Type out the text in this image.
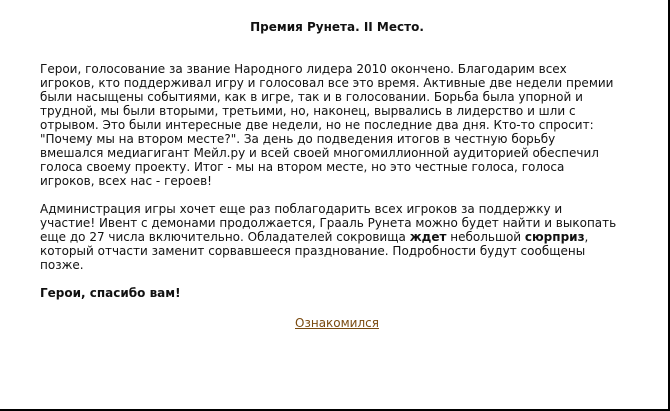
Премия Рунета. II Место.
Герои, голосование за звание Народного лидера 2010 окончено. Благодарим всех
игроков, кто поддерживал игру и голосовал все это время. Активные две недели премии
были насыщены событиями, как в игре, так и в голосовании. Борьба была упорной и
трудной, мы были вторыми, третьими, но, наконец, вырвались в лидерство и шли с
отрывом. Это были интересные две недели, но не последние два дня. Кто-то спросит:
"Почему мы на втором месте?". За день до подведения итогов в честную борьбу
вмешался медиагигант Мейл.ру и всей своей многомиллионной аудиторией обеспечил
голоса своему проекту. Итог - мы на втором месте, но это честные голоса, голоса
игроков, всех нас - героев!
Администрация игры хочет еще раз поблагодарить всех игроков за поддержку и
участие! Ивент с демонами продолжается, Грааль Рунета можно будет найти и выкопать
еще до 27 числа включительно. Обладателей сокровища ждет небольшой сюрприз,
который отчасти заменит сорвавшееся празднование. Подробности будут сообщены
позже.
Герои, спасибо вам!
Ознакомился
